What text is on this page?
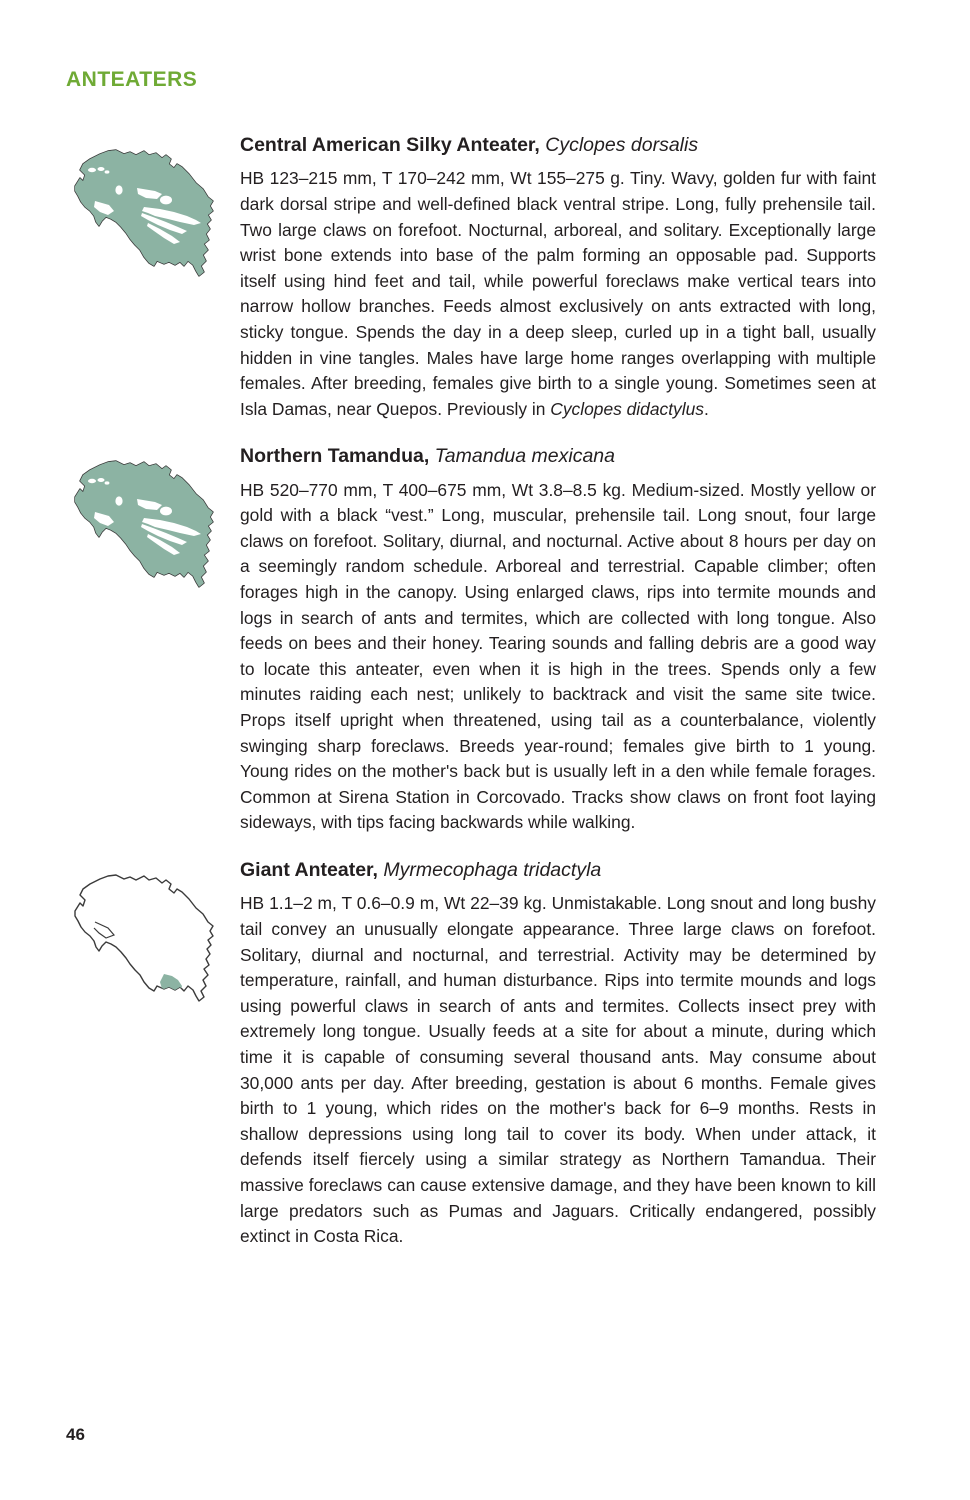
ANTEATERS
Central American Silky Anteater, Cyclopes dorsalis

HB 123–215 mm, T 170–242 mm, Wt 155–275 g. Tiny. Wavy, golden fur with faint dark dorsal stripe and well-defined black ventral stripe. Long, fully prehensile tail. Two large claws on forefoot. Nocturnal, arboreal, and solitary. Exceptionally large wrist bone extends into base of the palm forming an opposable pad. Supports itself using hind feet and tail, while powerful foreclaws make vertical tears into narrow hollow branches. Feeds almost exclusively on ants extracted with long, sticky tongue. Spends the day in a deep sleep, curled up in a tight ball, usually hidden in vine tangles. Males have large home ranges overlapping with multiple females. After breeding, females give birth to a single young. Sometimes seen at Isla Damas, near Quepos. Previously in Cyclopes didactylus.

Northern Tamandua, Tamandua mexicana

HB 520–770 mm, T 400–675 mm, Wt 3.8–8.5 kg. Medium-sized. Mostly yellow or gold with a black “vest.” Long, muscular, prehensile tail. Long snout, four large claws on forefoot. Solitary, diurnal, and nocturnal. Active about 8 hours per day on a seemingly random schedule. Arboreal and terrestrial. Capable climber; often forages high in the canopy. Using enlarged claws, rips into termite mounds and logs in search of ants and termites, which are collected with long tongue. Also feeds on bees and their honey. Tearing sounds and falling debris are a good way to locate this anteater, even when it is high in the trees. Spends only a few minutes raiding each nest; unlikely to backtrack and visit the same site twice. Props itself upright when threatened, using tail as a counterbalance, violently swinging sharp foreclaws. Breeds year-round; females give birth to 1 young. Young rides on the mother's back but is usually left in a den while female forages. Common at Sirena Station in Corcovado. Tracks show claws on front foot laying sideways, with tips facing backwards while walking.

Giant Anteater, Myrmecophaga tridactyla

HB 1.1–2 m, T 0.6–0.9 m, Wt 22–39 kg. Unmistakable. Long snout and long bushy tail convey an unusually elongate appearance. Three large claws on forefoot. Solitary, diurnal and nocturnal, and terrestrial. Activity may be determined by temperature, rainfall, and human disturbance. Rips into termite mounds and logs using powerful claws in search of ants and termites. Collects insect prey with extremely long tongue. Usually feeds at a site for about a minute, during which time it is capable of consuming several thousand ants. May consume about 30,000 ants per day. After breeding, gestation is about 6 months. Female gives birth to 1 young, which rides on the mother's back for 6–9 months. Rests in shallow depressions using long tail to cover its body. When under attack, it defends itself fiercely using a similar strategy as Northern Tamandua. Their massive foreclaws can cause extensive damage, and they have been known to kill large predators such as Pumas and Jaguars. Critically endangered, possibly extinct in Costa Rica.

46
